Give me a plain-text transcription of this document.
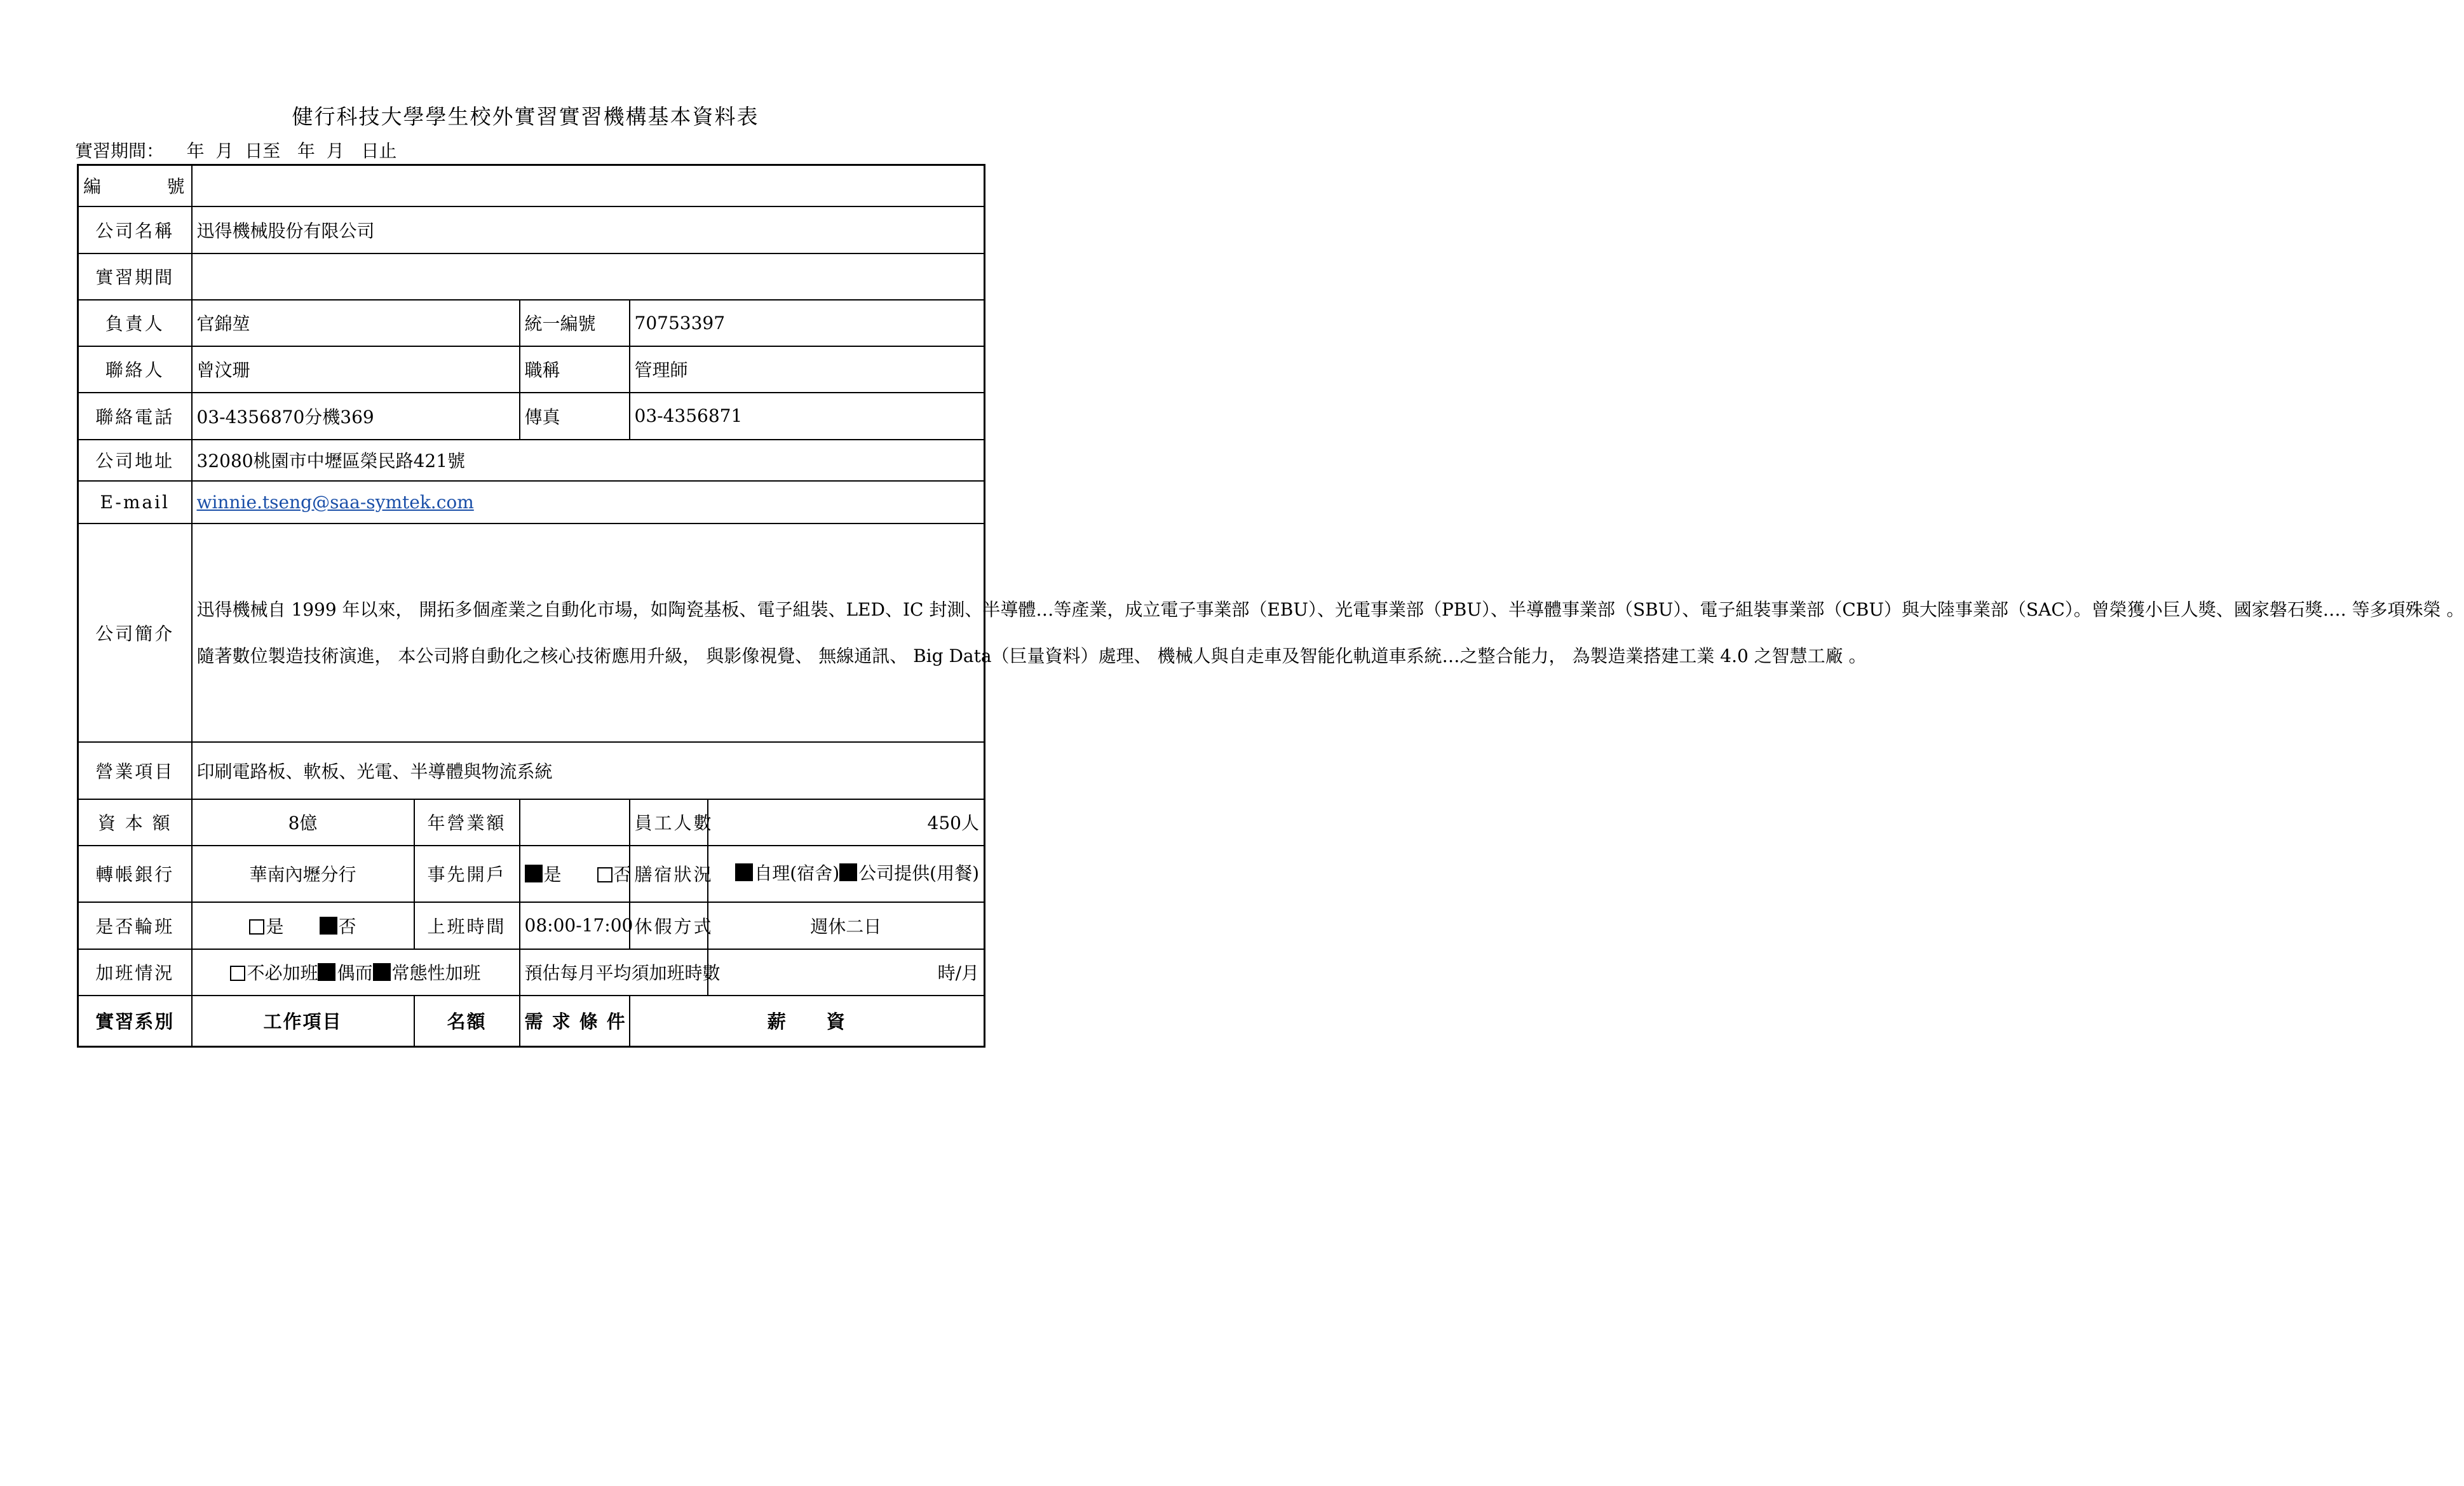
健行科技大學學生校外實習實習機構基本資料表
實習期間：    年  月  日至   年  月   日止
編號					
公司名稱	迅得機械股份有限公司				
實習期間					
負責人	官錦堃		統一編號	70753397	
聯絡人	曾汶珊		職稱	管理師	
聯絡電話	03-4356870分機369		傳真	03-4356871	
公司地址	32080桃園市中壢區榮民路421號				
E-mail	winnie.tseng@saa-symtek.com				
公司簡介	迅得機械自 1999 年以來， 開拓多個產業之自動化市場，如陶瓷基板、電子組裝、LED、IC 封測、半導體…等產業，成立電子事業部（EBU）、光電事業部（PBU）、半導體事業部（SBU）、電子組裝事業部（CBU）與大陸事業部（SAC）。曾榮獲小巨人獎、國家磐石獎…. 等多項殊榮 。

隨著數位製造技術演進， 本公司將自動化之核心技術應用升級， 與影像視覺、 無線通訊、 Big Data（巨量資料）處理、 機械人與自走車及智能化軌道車系統…之整合能力， 為製造業搭建工業 4.0 之智慧工廠 。				

營業項目	印刷電路板、軟板、光電、半導體與物流系統				
資 本 額	8億	年營業額		員工人數	450人
轉帳銀行	華南內壢分行	事先開戶	是 否	膳宿狀況	自理(宿舍) 公司提供(用餐)
是否輪班	是 否	上班時間	08:00-17:00	休假方式	週休二日
加班情況	不必加班 偶而 常態性加班		預估每月平均須加班時數		時/月
實習系別	工作項目	名額	需 求 條 件	薪　　資	
